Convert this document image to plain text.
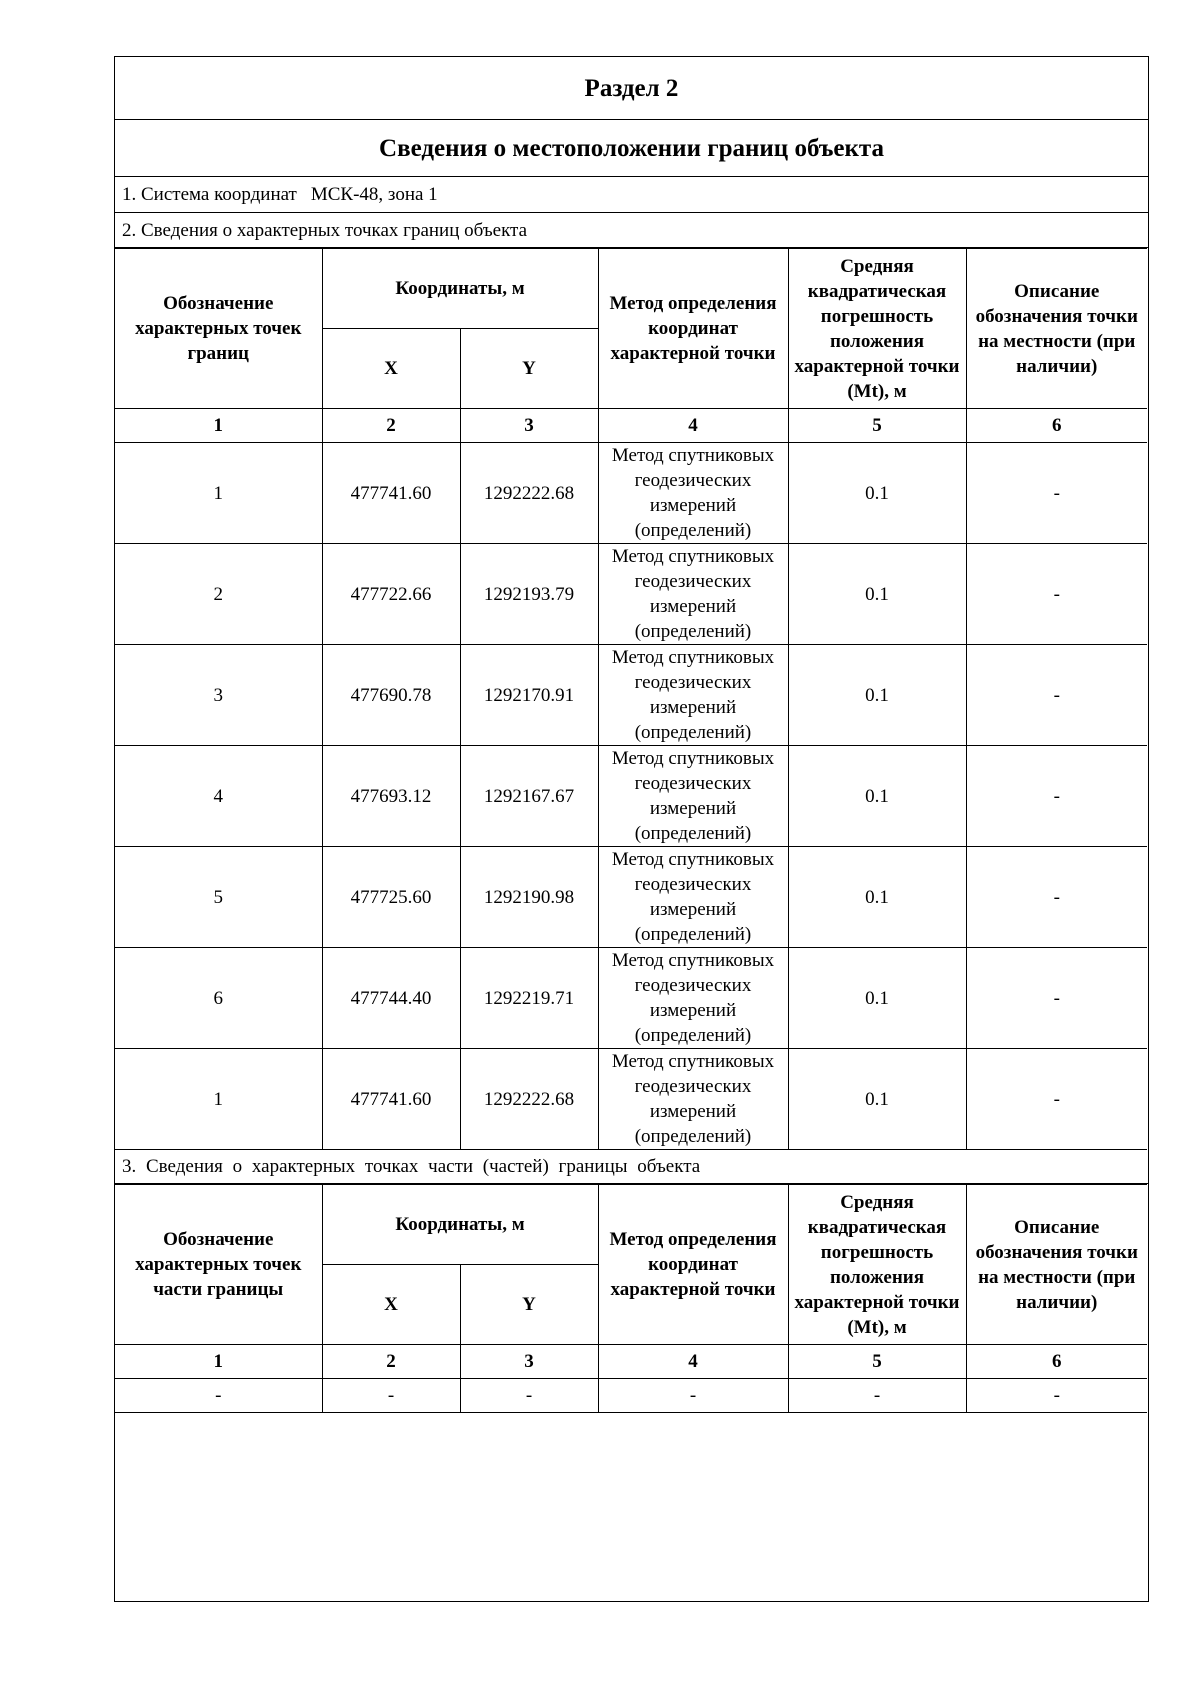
Раздел 2
Сведения о местоположении границ объекта
1. Система координат МСК-48, зона 1
2. Сведения о характерных точках границ объекта
Обозначение характерных точек границ	Координаты, м		Метод определения координат характерной точки	Средняя квадратическая погрешность положения характерной точки (Mt), м	Описание обозначения точки на местности (при наличии)
	X	Y			
1	2	3	4	5	6
1	477741.60	1292222.68	Метод спутниковых геодезических измерений (определений)	0.1	-
2	477722.66	1292193.79	Метод спутниковых геодезических измерений (определений)	0.1	-
3	477690.78	1292170.91	Метод спутниковых геодезических измерений (определений)	0.1	-
4	477693.12	1292167.67	Метод спутниковых геодезических измерений (определений)	0.1	-
5	477725.60	1292190.98	Метод спутниковых геодезических измерений (определений)	0.1	-
6	477744.40	1292219.71	Метод спутниковых геодезических измерений (определений)	0.1	-
1	477741.60	1292222.68	Метод спутниковых геодезических измерений (определений)	0.1	-
3. Сведения о характерных точках части (частей) границы объекта
Обозначение характерных точек части границы	Координаты, м		Метод определения координат характерной точки	Средняя квадратическая погрешность положения характерной точки (Mt), м	Описание обозначения точки на местности (при наличии)
	X	Y			
1	2	3	4	5	6
-	-	-	-	-	-
